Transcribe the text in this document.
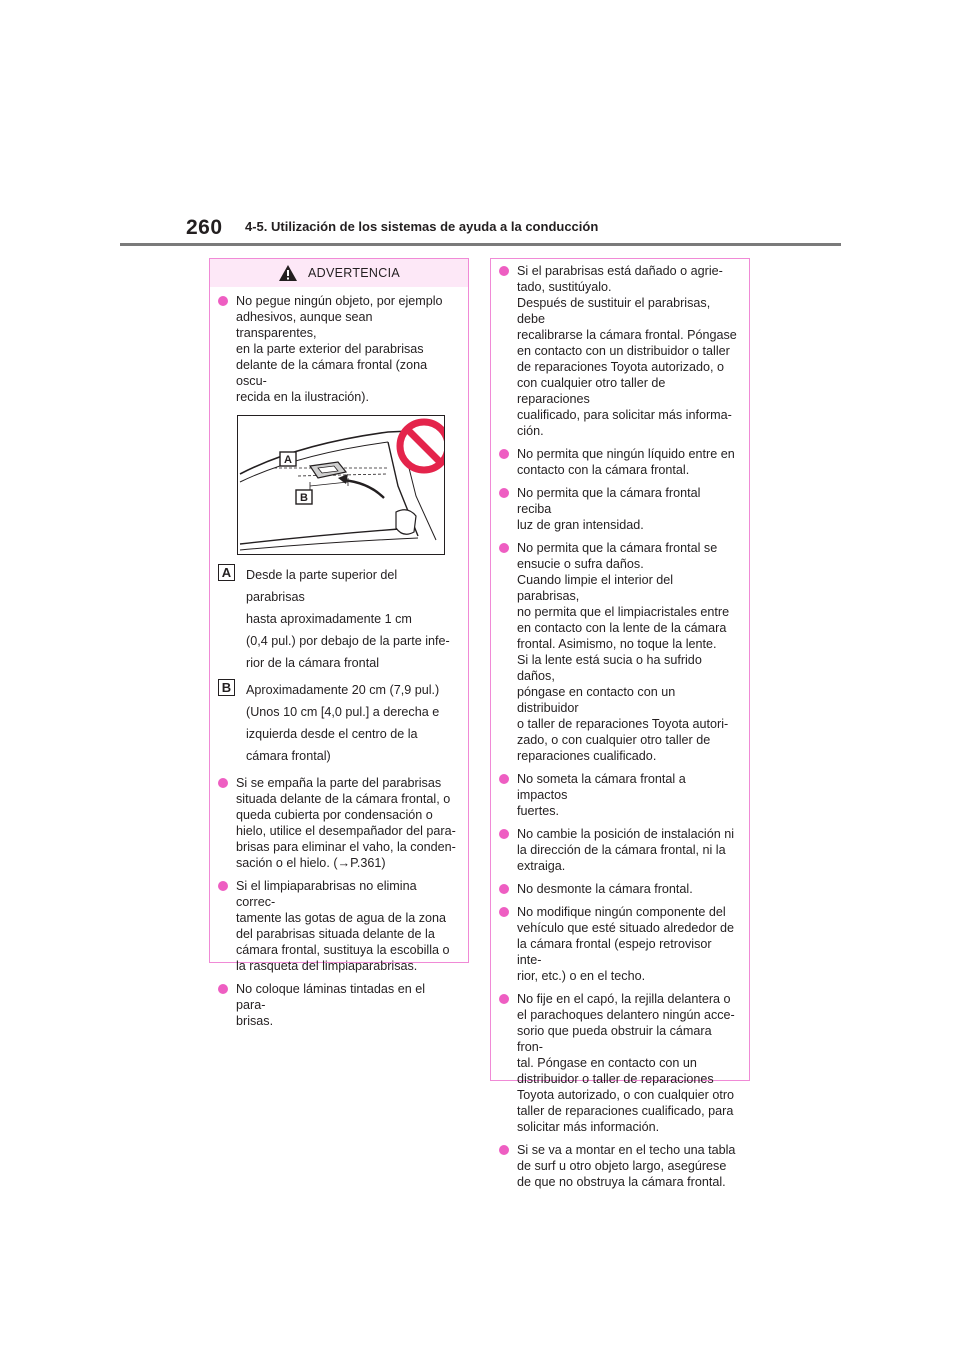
260 4-5. Utilización de los sistemas de ayuda a la conducción
ADVERTENCIA
No pegue ningún objeto, por ejemplo
adhesivos, aunque sean transparentes,
en la parte exterior del parabrisas
delante de la cámara frontal (zona oscu-
recida en la ilustración).
A
B
A Desde la parte superior del parabrisas
hasta aproximadamente 1 cm
(0,4 pul.) por debajo de la parte infe-
rior de la cámara frontal
B Aproximadamente 20 cm (7,9 pul.)
(Unos 10 cm [4,0 pul.] a derecha e
izquierda desde el centro de la
cámara frontal)
Si se empaña la parte del parabrisas
situada delante de la cámara frontal, o
queda cubierta por condensación o
hielo, utilice el desempañador del para-
brisas para eliminar el vaho, la conden-
sación o el hielo. (→P.361)
Si el limpiaparabrisas no elimina correc-
tamente las gotas de agua de la zona
del parabrisas situada delante de la
cámara frontal, sustituya la escobilla o
la rasqueta del limpiaparabrisas.
No coloque láminas tintadas en el para-
brisas.
Si el parabrisas está dañado o agrie-
tado, sustitúyalo.
Después de sustituir el parabrisas, debe
recalibrarse la cámara frontal. Póngase
en contacto con un distribuidor o taller
de reparaciones Toyota autorizado, o
con cualquier otro taller de reparaciones
cualificado, para solicitar más informa-
ción.
No permita que ningún líquido entre en
contacto con la cámara frontal.
No permita que la cámara frontal reciba
luz de gran intensidad.
No permita que la cámara frontal se
ensucie o sufra daños.
Cuando limpie el interior del parabrisas,
no permita que el limpiacristales entre
en contacto con la lente de la cámara
frontal. Asimismo, no toque la lente.
Si la lente está sucia o ha sufrido daños,
póngase en contacto con un distribuidor
o taller de reparaciones Toyota autori-
zado, o con cualquier otro taller de
reparaciones cualificado.
No someta la cámara frontal a impactos
fuertes.
No cambie la posición de instalación ni
la dirección de la cámara frontal, ni la
extraiga.
No desmonte la cámara frontal.
No modifique ningún componente del
vehículo que esté situado alrededor de
la cámara frontal (espejo retrovisor inte-
rior, etc.) o en el techo.
No fije en el capó, la rejilla delantera o
el parachoques delantero ningún acce-
sorio que pueda obstruir la cámara fron-
tal. Póngase en contacto con un
distribuidor o taller de reparaciones
Toyota autorizado, o con cualquier otro
taller de reparaciones cualificado, para
solicitar más información.
Si se va a montar en el techo una tabla
de surf u otro objeto largo, asegúrese
de que no obstruya la cámara frontal.
